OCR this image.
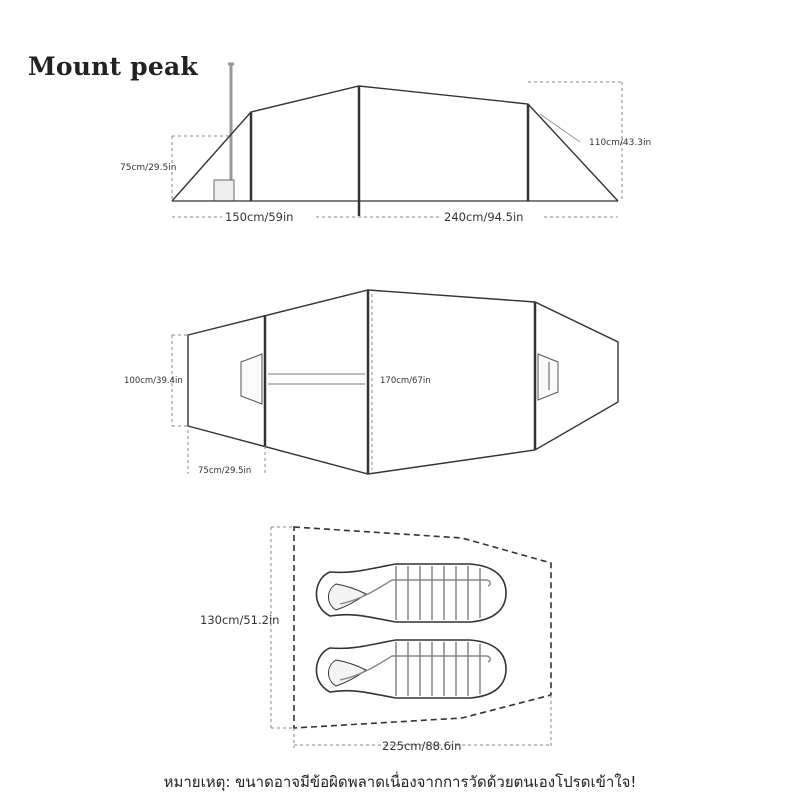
Mount peak
75cm/29.5in
110cm/43.3in
150cm/59in	240cm/94.5in
100cm/39.4in	170cm/67in
75cm/29.5in
130cm/51.2in
225cm/88.6in
หมายเหตุ: ขนาดอาจมีข้อผิดพลาดเนื่องจากการวัดด้วยตนเองโปรดเข้าใจ!
